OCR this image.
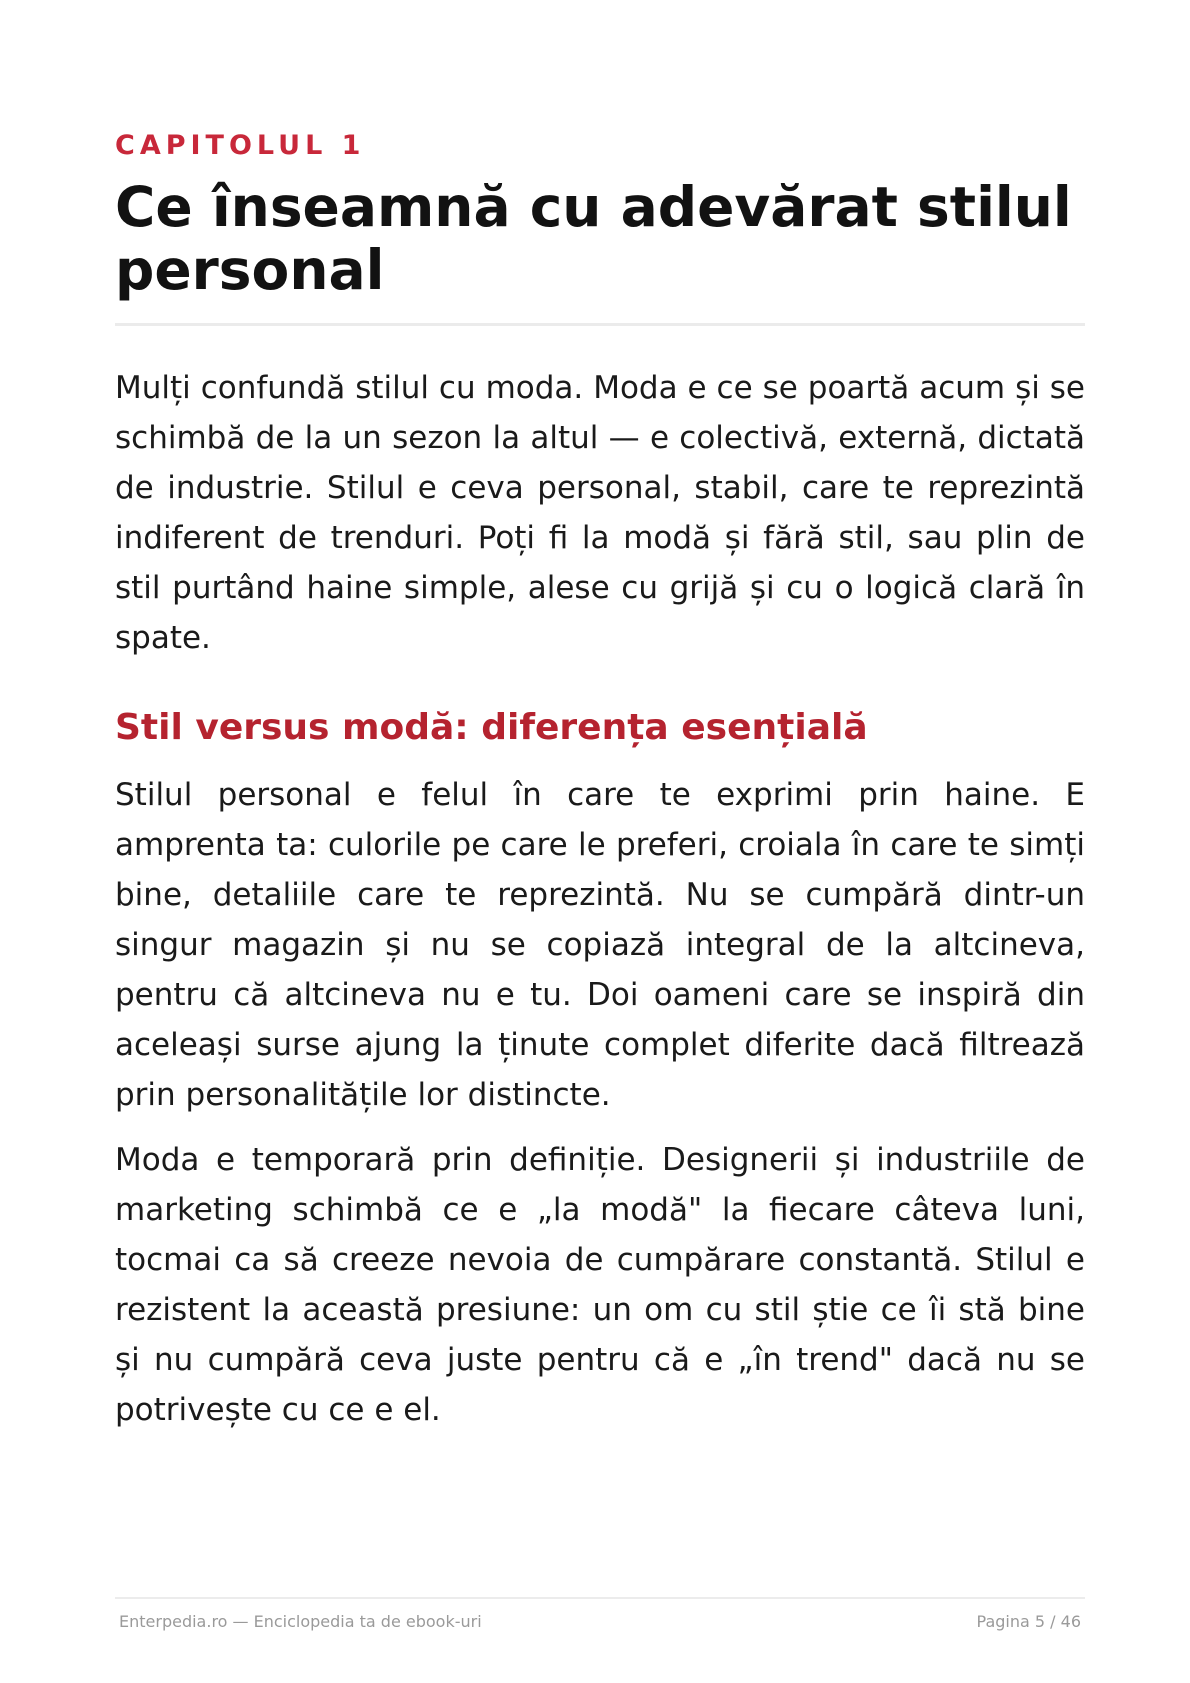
CAPITOLUL 1
Ce înseamnă cu adevărat stilul personal

Mulți confundă stilul cu moda. Moda e ce se poartă acum și se schimbă de la un sezon la altul — e colectivă, externă, dictată de industrie. Stilul e ceva personal, stabil, care te reprezintă indiferent de trenduri. Poți fi la modă și fără stil, sau plin de stil purtând haine simple, alese cu grijă și cu o logică clară în spate.

Stil versus modă: diferența esențială

Stilul personal e felul în care te exprimi prin haine. E amprenta ta: culorile pe care le preferi, croiala în care te simți bine, detaliile care te reprezintă. Nu se cumpără dintr-un singur magazin și nu se copiază integral de la altcineva, pentru că altcineva nu e tu. Doi oameni care se inspiră din aceleași surse ajung la ținute complet diferite dacă filtrează prin personalitățile lor distincte.

Moda e temporară prin definiție. Designerii și industriile de marketing schimbă ce e „la modă" la fiecare câteva luni, tocmai ca să creeze nevoia de cumpărare constantă. Stilul e rezistent la această presiune: un om cu stil știe ce îi stă bine și nu cumpără ceva juste pentru că e „în trend" dacă nu se potrivește cu ce e el.

Enterpedia.ro — Enciclopedia ta de ebook-uri	Pagina 5 / 46
